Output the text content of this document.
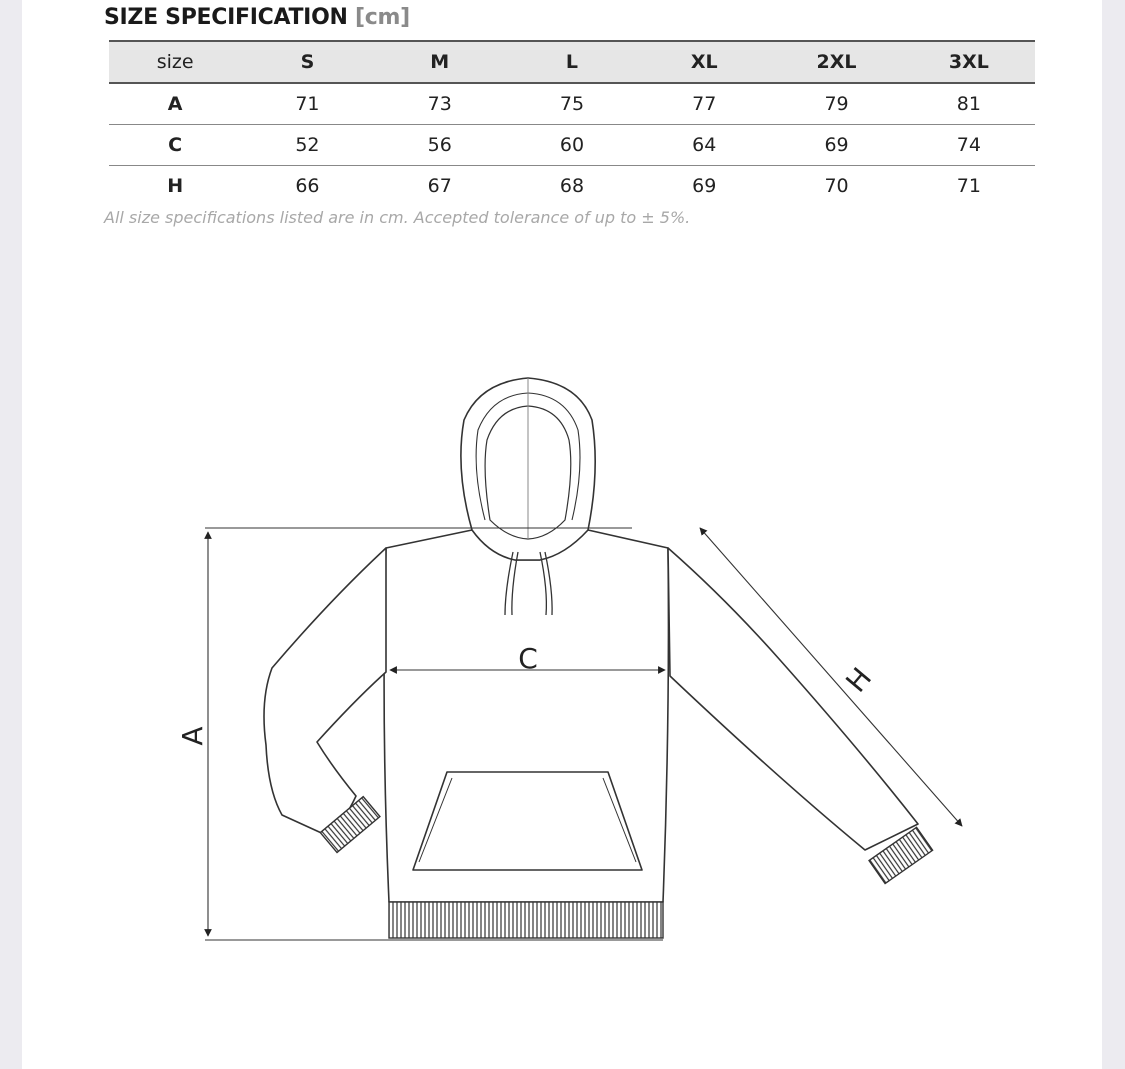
SIZE SPECIFICATION [cm]
size	S	M	L	XL	2XL	3XL
A	71	73	75	77	79	81
C	52	56	60	64	69	74
H	66	67	68	69	70	71
All size specifications listed are in cm. Accepted tolerance of up to ± 5%.
A
C
H
